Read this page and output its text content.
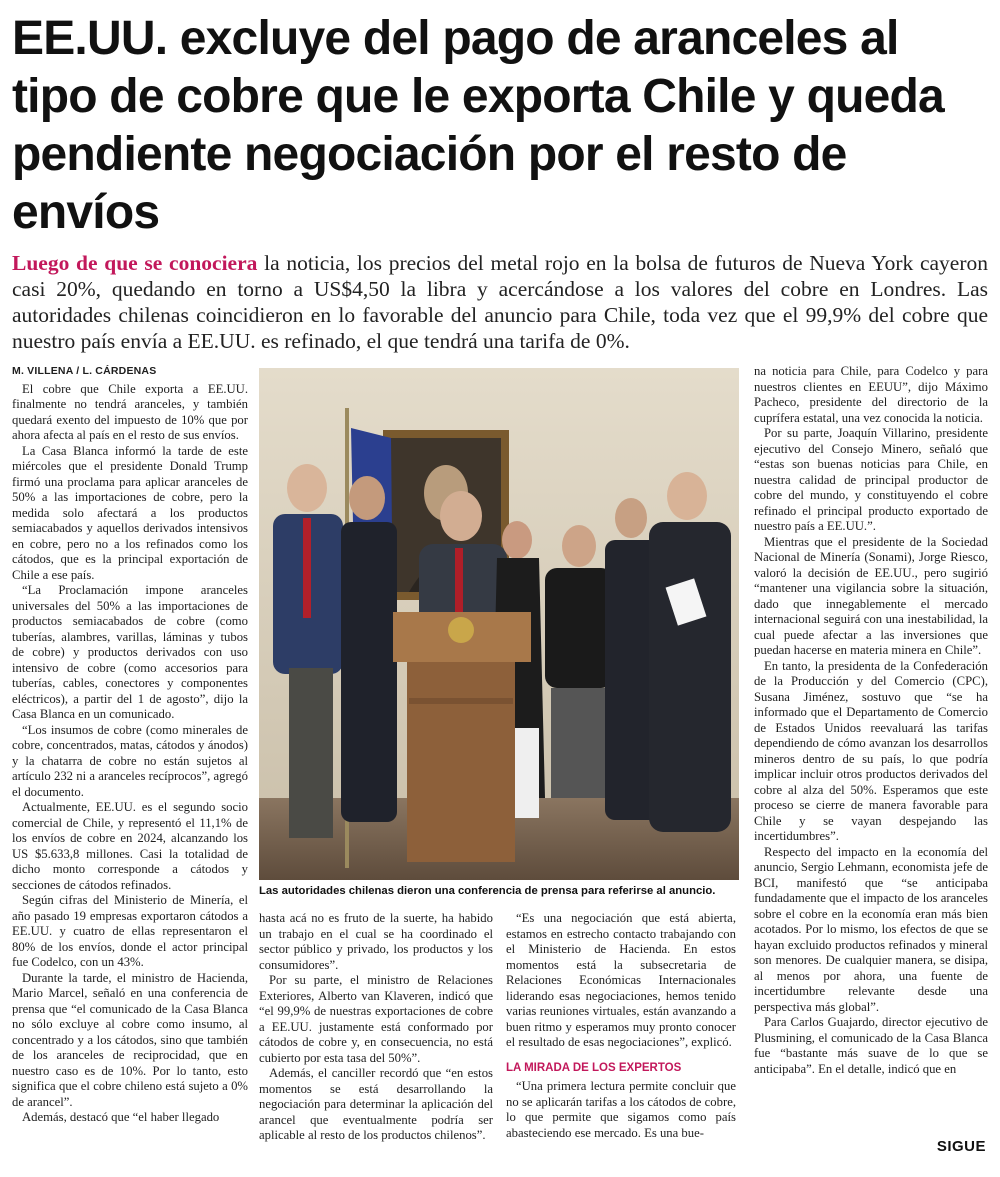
EE.UU. excluye del pago de aranceles al tipo de cobre que le exporta Chile y queda pendiente negociación por el resto de envíos

Luego de que se conociera la noticia, los precios del metal rojo en la bolsa de futuros de Nueva York cayeron casi 20%, quedando en torno a US$4,50 la libra y acercándose a los valores del cobre en Londres. Las autoridades chilenas coincidieron en lo favorable del anuncio para Chile, toda vez que el 99,9% del cobre que nuestro país envía a EE.UU. es refinado, el que tendrá una tarifa de 0%.

M. VILLENA / L. CÁRDENAS

El cobre que Chile exporta a EE.UU. finalmente no tendrá aranceles, y también quedará exento del impuesto de 10% que por ahora afecta al país en el resto de sus envíos.

La Casa Blanca informó la tarde de este miércoles que el presidente Donald Trump firmó una proclama para aplicar aranceles de 50% a las importaciones de cobre, pero la medida solo afectará a los productos semiacabados y aquellos derivados intensivos en cobre, pero no a los refinados como los cátodos, que es la principal exportación de Chile a ese país.

“La Proclamación impone aranceles universales del 50% a las importaciones de productos semiacabados de cobre (como tuberías, alambres, varillas, láminas y tubos de cobre) y productos derivados con uso intensivo de cobre (como accesorios para tuberías, cables, conectores y componentes eléctricos), a partir del 1 de agosto”, dijo la Casa Blanca en un comunicado.

“Los insumos de cobre (como minerales de cobre, concentrados, matas, cátodos y ánodos) y la chatarra de cobre no están sujetos al artículo 232 ni a aranceles recíprocos”, agregó el documento.

Actualmente, EE.UU. es el segundo socio comercial de Chile, y representó el 11,1% de los envíos de cobre en 2024, alcanzando los US $5.633,8 millones. Casi la totalidad de dicho monto corresponde a cátodos y secciones de cátodos refinados.

Según cifras del Ministerio de Minería, el año pasado 19 empresas exportaron cátodos a EE.UU. y cuatro de ellas representaron el 80% de los envíos, donde el actor principal fue Codelco, con un 43%.

Durante la tarde, el ministro de Hacienda, Mario Marcel, señaló en una conferencia de prensa que “el comunicado de la Casa Blanca no sólo excluye al cobre como insumo, al concentrado y a los cátodos, sino que también de los aranceles de reciprocidad, que en nuestro caso es de 10%. Por lo tanto, esto significa que el cobre chileno está sujeto a 0% de arancel”.

Además, destacó que “el haber llegado

Las autoridades chilenas dieron una conferencia de prensa para referirse al anuncio.

hasta acá no es fruto de la suerte, ha habido un trabajo en el cual se ha coordinado el sector público y privado, los productos y los consumidores”.

Por su parte, el ministro de Relaciones Exteriores, Alberto van Klaveren, indicó que “el 99,9% de nuestras exportaciones de cobre a EE.UU. justamente está conformado por cátodos de cobre y, en consecuencia, no está cubierto por esta tasa del 50%”.

Además, el canciller recordó que “en estos momentos se está desarrollando la negociación para determinar la aplicación del arancel que eventualmente podría ser aplicable al resto de los productos chilenos”.

“Es una negociación que está abierta, estamos en estrecho contacto trabajando con el Ministerio de Hacienda. En estos momentos está la subsecretaria de Relaciones Económicas Internacionales liderando esas negociaciones, hemos tenido varias reuniones virtuales, están avanzando a buen ritmo y esperamos muy pronto conocer el resultado de esas negociaciones”, explicó.

LA MIRADA DE LOS EXPERTOS

“Una primera lectura permite concluir que no se aplicarán tarifas a los cátodos de cobre, lo que permite que sigamos como país abasteciendo ese mercado. Es una bue-

na noticia para Chile, para Codelco y para nuestros clientes en EEUU”, dijo Máximo Pacheco, presidente del directorio de la cuprífera estatal, una vez conocida la noticia.

Por su parte, Joaquín Villarino, presidente ejecutivo del Consejo Minero, señaló que “estas son buenas noticias para Chile, en nuestra calidad de principal productor de cobre del mundo, y constituyendo el cobre refinado el principal producto exportado de nuestro país a EE.UU.”.

Mientras que el presidente de la Sociedad Nacional de Minería (Sonami), Jorge Riesco, valoró la decisión de EE.UU., pero sugirió “mantener una vigilancia sobre la situación, dado que innegablemente el mercado internacional seguirá con una inestabilidad, la cual puede afectar a las inversiones que puedan hacerse en materia minera en Chile”.

En tanto, la presidenta de la Confederación de la Producción y del Comercio (CPC), Susana Jiménez, sostuvo que “se ha informado que el Departamento de Comercio de Estados Unidos reevaluará las tarifas dependiendo de cómo avanzan los desarrollos mineros dentro de su país, lo que podría implicar incluir otros productos derivados del cobre al alza del 50%. Esperamos que este proceso se cierre de manera favorable para Chile y se vayan despejando las incertidumbres”.

Respecto del impacto en la economía del anuncio, Sergio Lehmann, economista jefe de BCI, manifestó que “se anticipaba fundadamente que el impacto de los aranceles sobre el cobre en la economía eran más bien acotados. Por lo mismo, los efectos de que se hayan excluido productos refinados y mineral son menores. De cualquier manera, se disipa, al menos por ahora, una fuente de incertidumbre relevante desde una perspectiva más global”.

Para Carlos Guajardo, director ejecutivo de Plusmining, el comunicado de la Casa Blanca fue “bastante más suave de lo que se anticipaba”. En el detalle, indicó que en

SIGUE
